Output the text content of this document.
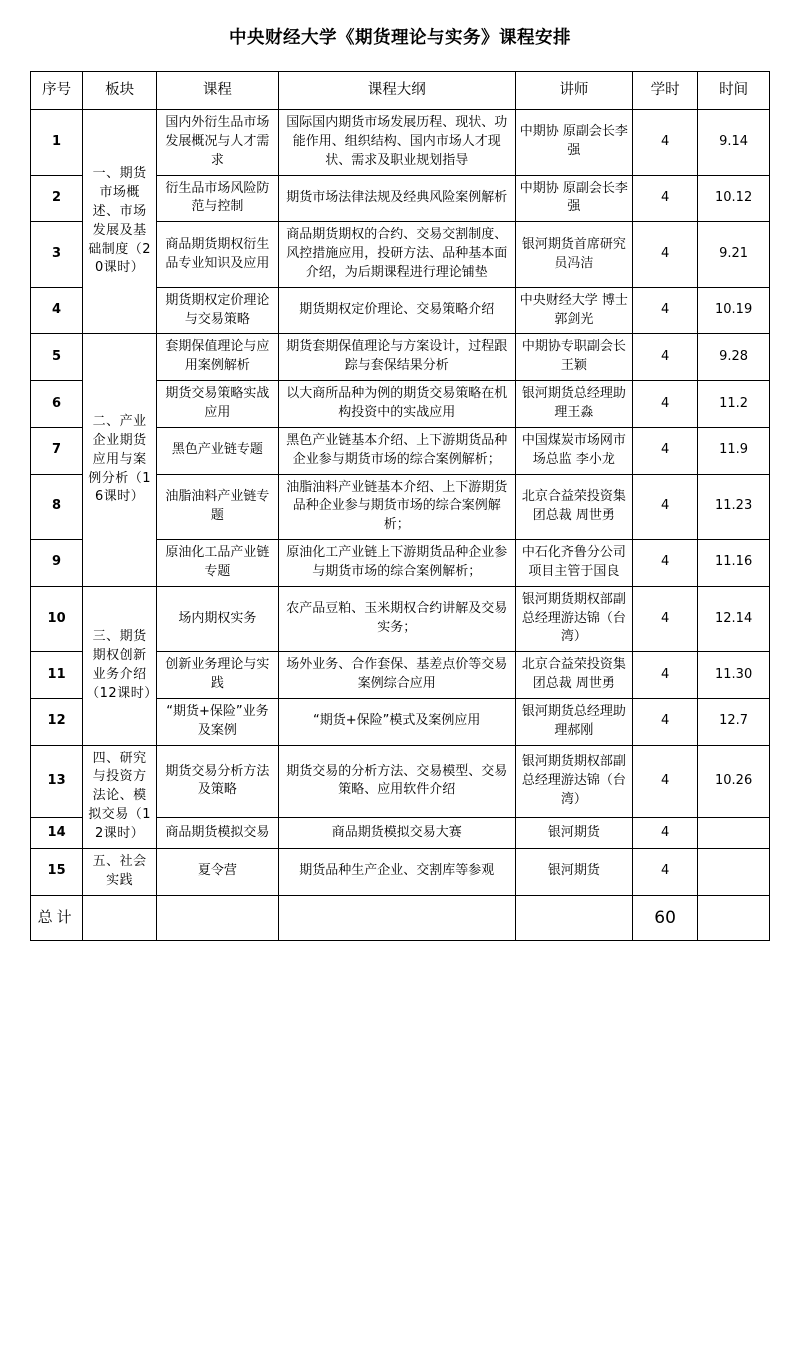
中央财经大学《期货理论与实务》课程安排
序号	板块	课程	课程大纲	讲师	学时	时间
1	一、期货市场概述、市场发展及基础制度（20课时）	国内外衍生品市场发展概况与人才需求	国际国内期货市场发展历程、现状、功能作用、组织结构、国内市场人才现状、需求及职业规划指导	中期协 原副会长李强	4	9.14
2		衍生品市场风险防范与控制	期货市场法律法规及经典风险案例解析	中期协 原副会长李强	4	10.12
3		商品期货期权衍生品专业知识及应用	商品期货期权的合约、交易交割制度、风控措施应用，投研方法、品种基本面介绍，为后期课程进行理论铺垫	银河期货首席研究员冯洁	4	9.21
4		期货期权定价理论与交易策略	期货期权定价理论、交易策略介绍	中央财经大学 博士郭剑光	4	10.19
5	二、产业企业期货应用与案例分析（16课时）	套期保值理论与应用案例解析	期货套期保值理论与方案设计，过程跟踪与套保结果分析	中期协专职副会长王颖	4	9.28
6		期货交易策略实战应用	以大商所品种为例的期货交易策略在机构投资中的实战应用	银河期货总经理助理王淼	4	11.2
7		黑色产业链专题	黑色产业链基本介绍、上下游期货品种企业参与期货市场的综合案例解析；	中国煤炭市场网市场总监 李小龙	4	11.9
8		油脂油料产业链专题	油脂油料产业链基本介绍、上下游期货品种企业参与期货市场的综合案例解析；	北京合益荣投资集团总裁 周世勇	4	11.23
9		原油化工品产业链专题	原油化工产业链上下游期货品种企业参与期货市场的综合案例解析；	中石化齐鲁分公司项目主管于国良	4	11.16
10	三、期货期权创新业务介绍（12课时）	场内期权实务	农产品豆粕、玉米期权合约讲解及交易实务；	银河期货期权部副总经理游达锦（台湾）	4	12.14
11		创新业务理论与实践	场外业务、合作套保、基差点价等交易案例综合应用	北京合益荣投资集团总裁 周世勇	4	11.30
12		“期货+保险”业务及案例	“期货+保险”模式及案例应用	银河期货总经理助理郝刚	4	12.7
13	四、研究与投资方法论、模拟交易（12课时）	期货交易分析方法及策略	期货交易的分析方法、交易模型、交易策略、应用软件介绍	银河期货期权部副总经理游达锦（台湾）	4	10.26
14		商品期货模拟交易	商品期货模拟交易大赛	银河期货	4	
15	五、社会实践	夏令营	期货品种生产企业、交割库等参观	银河期货	4	
总计					60	
